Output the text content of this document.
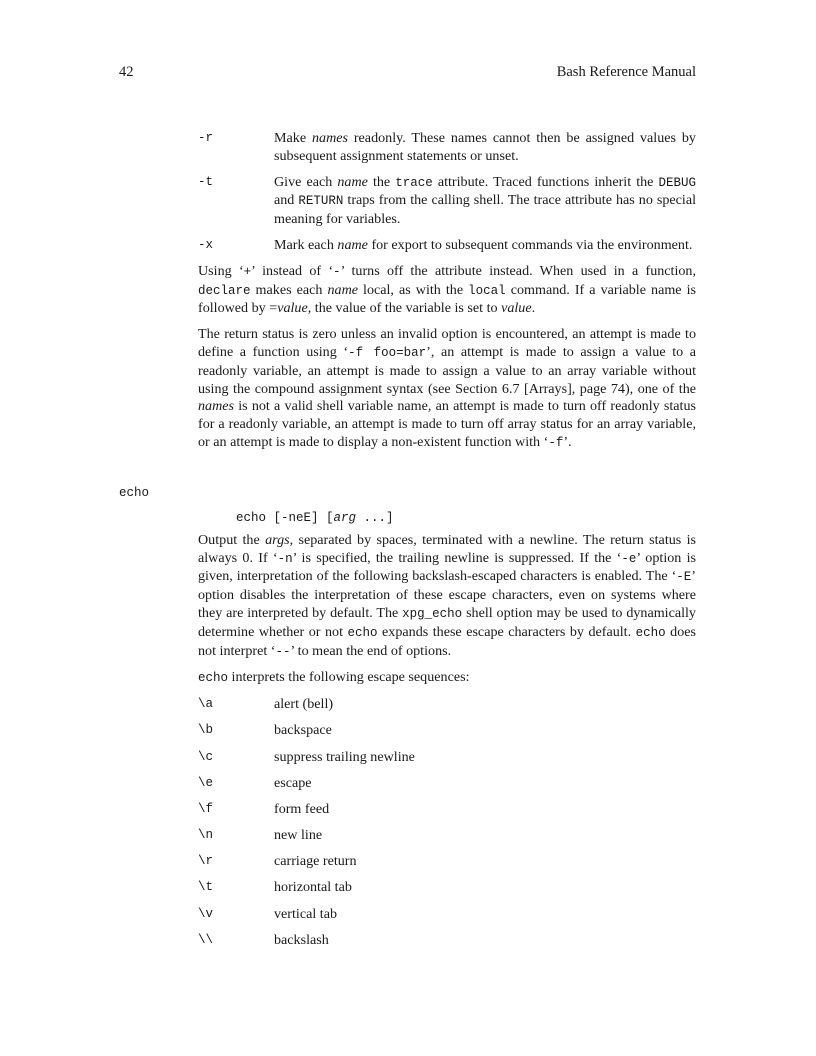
42	Bash Reference Manual
-r	Make names readonly. These names cannot then be assigned values by subsequent assignment statements or unset.
-t	Give each name the trace attribute. Traced functions inherit the DEBUG and RETURN traps from the calling shell. The trace attribute has no special meaning for variables.
-x	Mark each name for export to subsequent commands via the environment.

Using ‘+’ instead of ‘-’ turns off the attribute instead. When used in a function, declare makes each name local, as with the local command. If a variable name is followed by =value, the value of the variable is set to value.

The return status is zero unless an invalid option is encountered, an attempt is made to define a function using ‘-f foo=bar’, an attempt is made to assign a value to a readonly variable, an attempt is made to assign a value to an array variable without using the compound assignment syntax (see Section 6.7 [Arrays], page 74), one of the names is not a valid shell variable name, an attempt is made to turn off readonly status for a readonly variable, an attempt is made to turn off array status for an array variable, or an attempt is made to display a non-existent function with ‘-f’.

echo
echo [-neE] [arg ...]

Output the args, separated by spaces, terminated with a newline. The return status is always 0. If ‘-n’ is specified, the trailing newline is suppressed. If the ‘-e’ option is given, interpretation of the following backslash-escaped characters is enabled. The ‘-E’ option disables the interpretation of these escape characters, even on systems where they are interpreted by default. The xpg_echo shell option may be used to dynamically determine whether or not echo expands these escape characters by default. echo does not interpret ‘--’ to mean the end of options.

echo interprets the following escape sequences:

\a	alert (bell)
\b	backspace
\c	suppress trailing newline
\e	escape
\f	form feed
\n	new line
\r	carriage return
\t	horizontal tab
\v	vertical tab
\\	backslash
